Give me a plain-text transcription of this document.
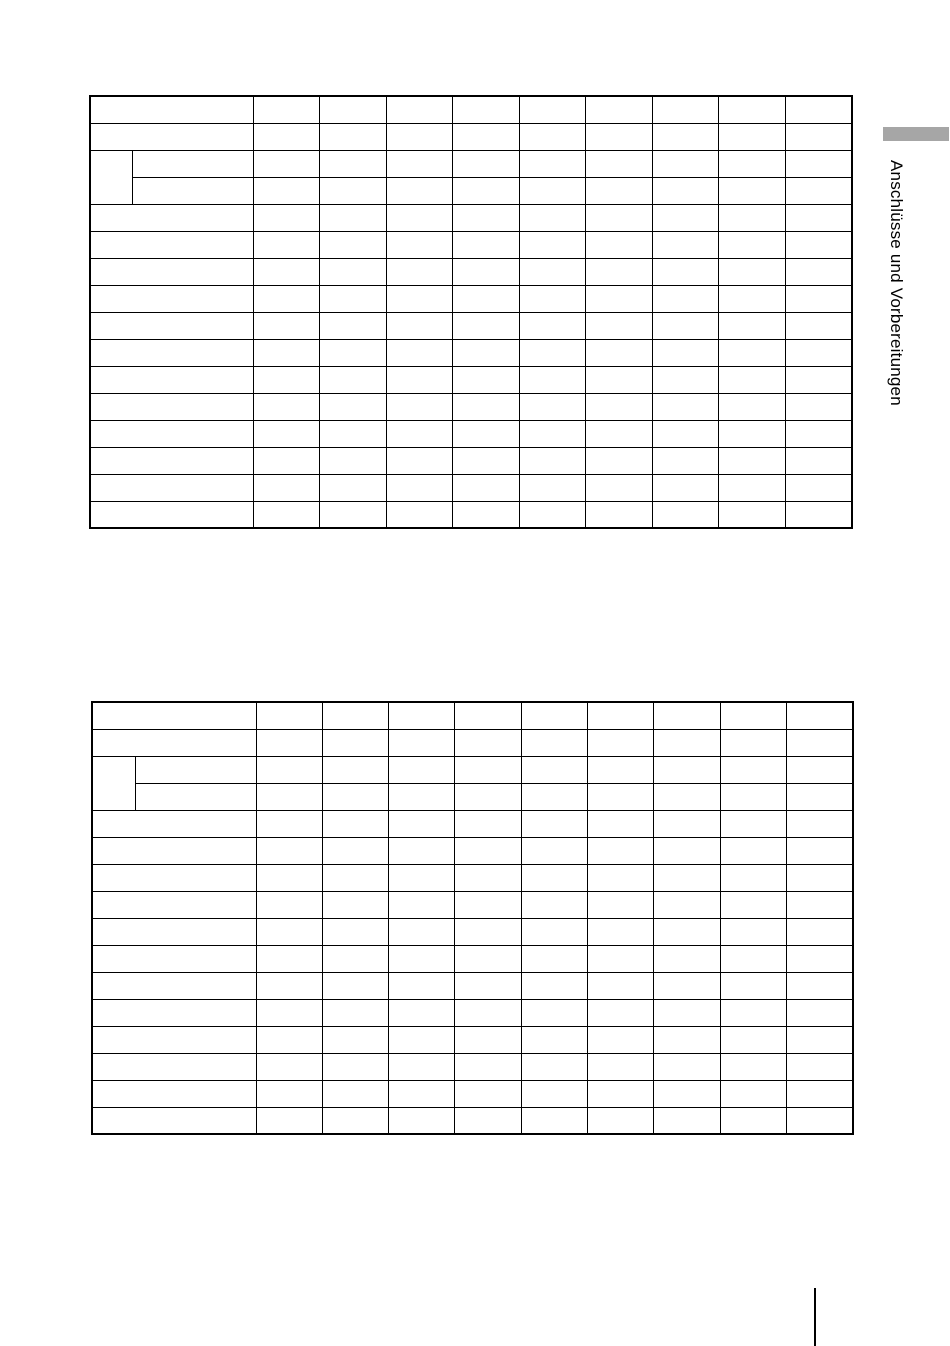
Anschlüsse und Vorbereitungen
